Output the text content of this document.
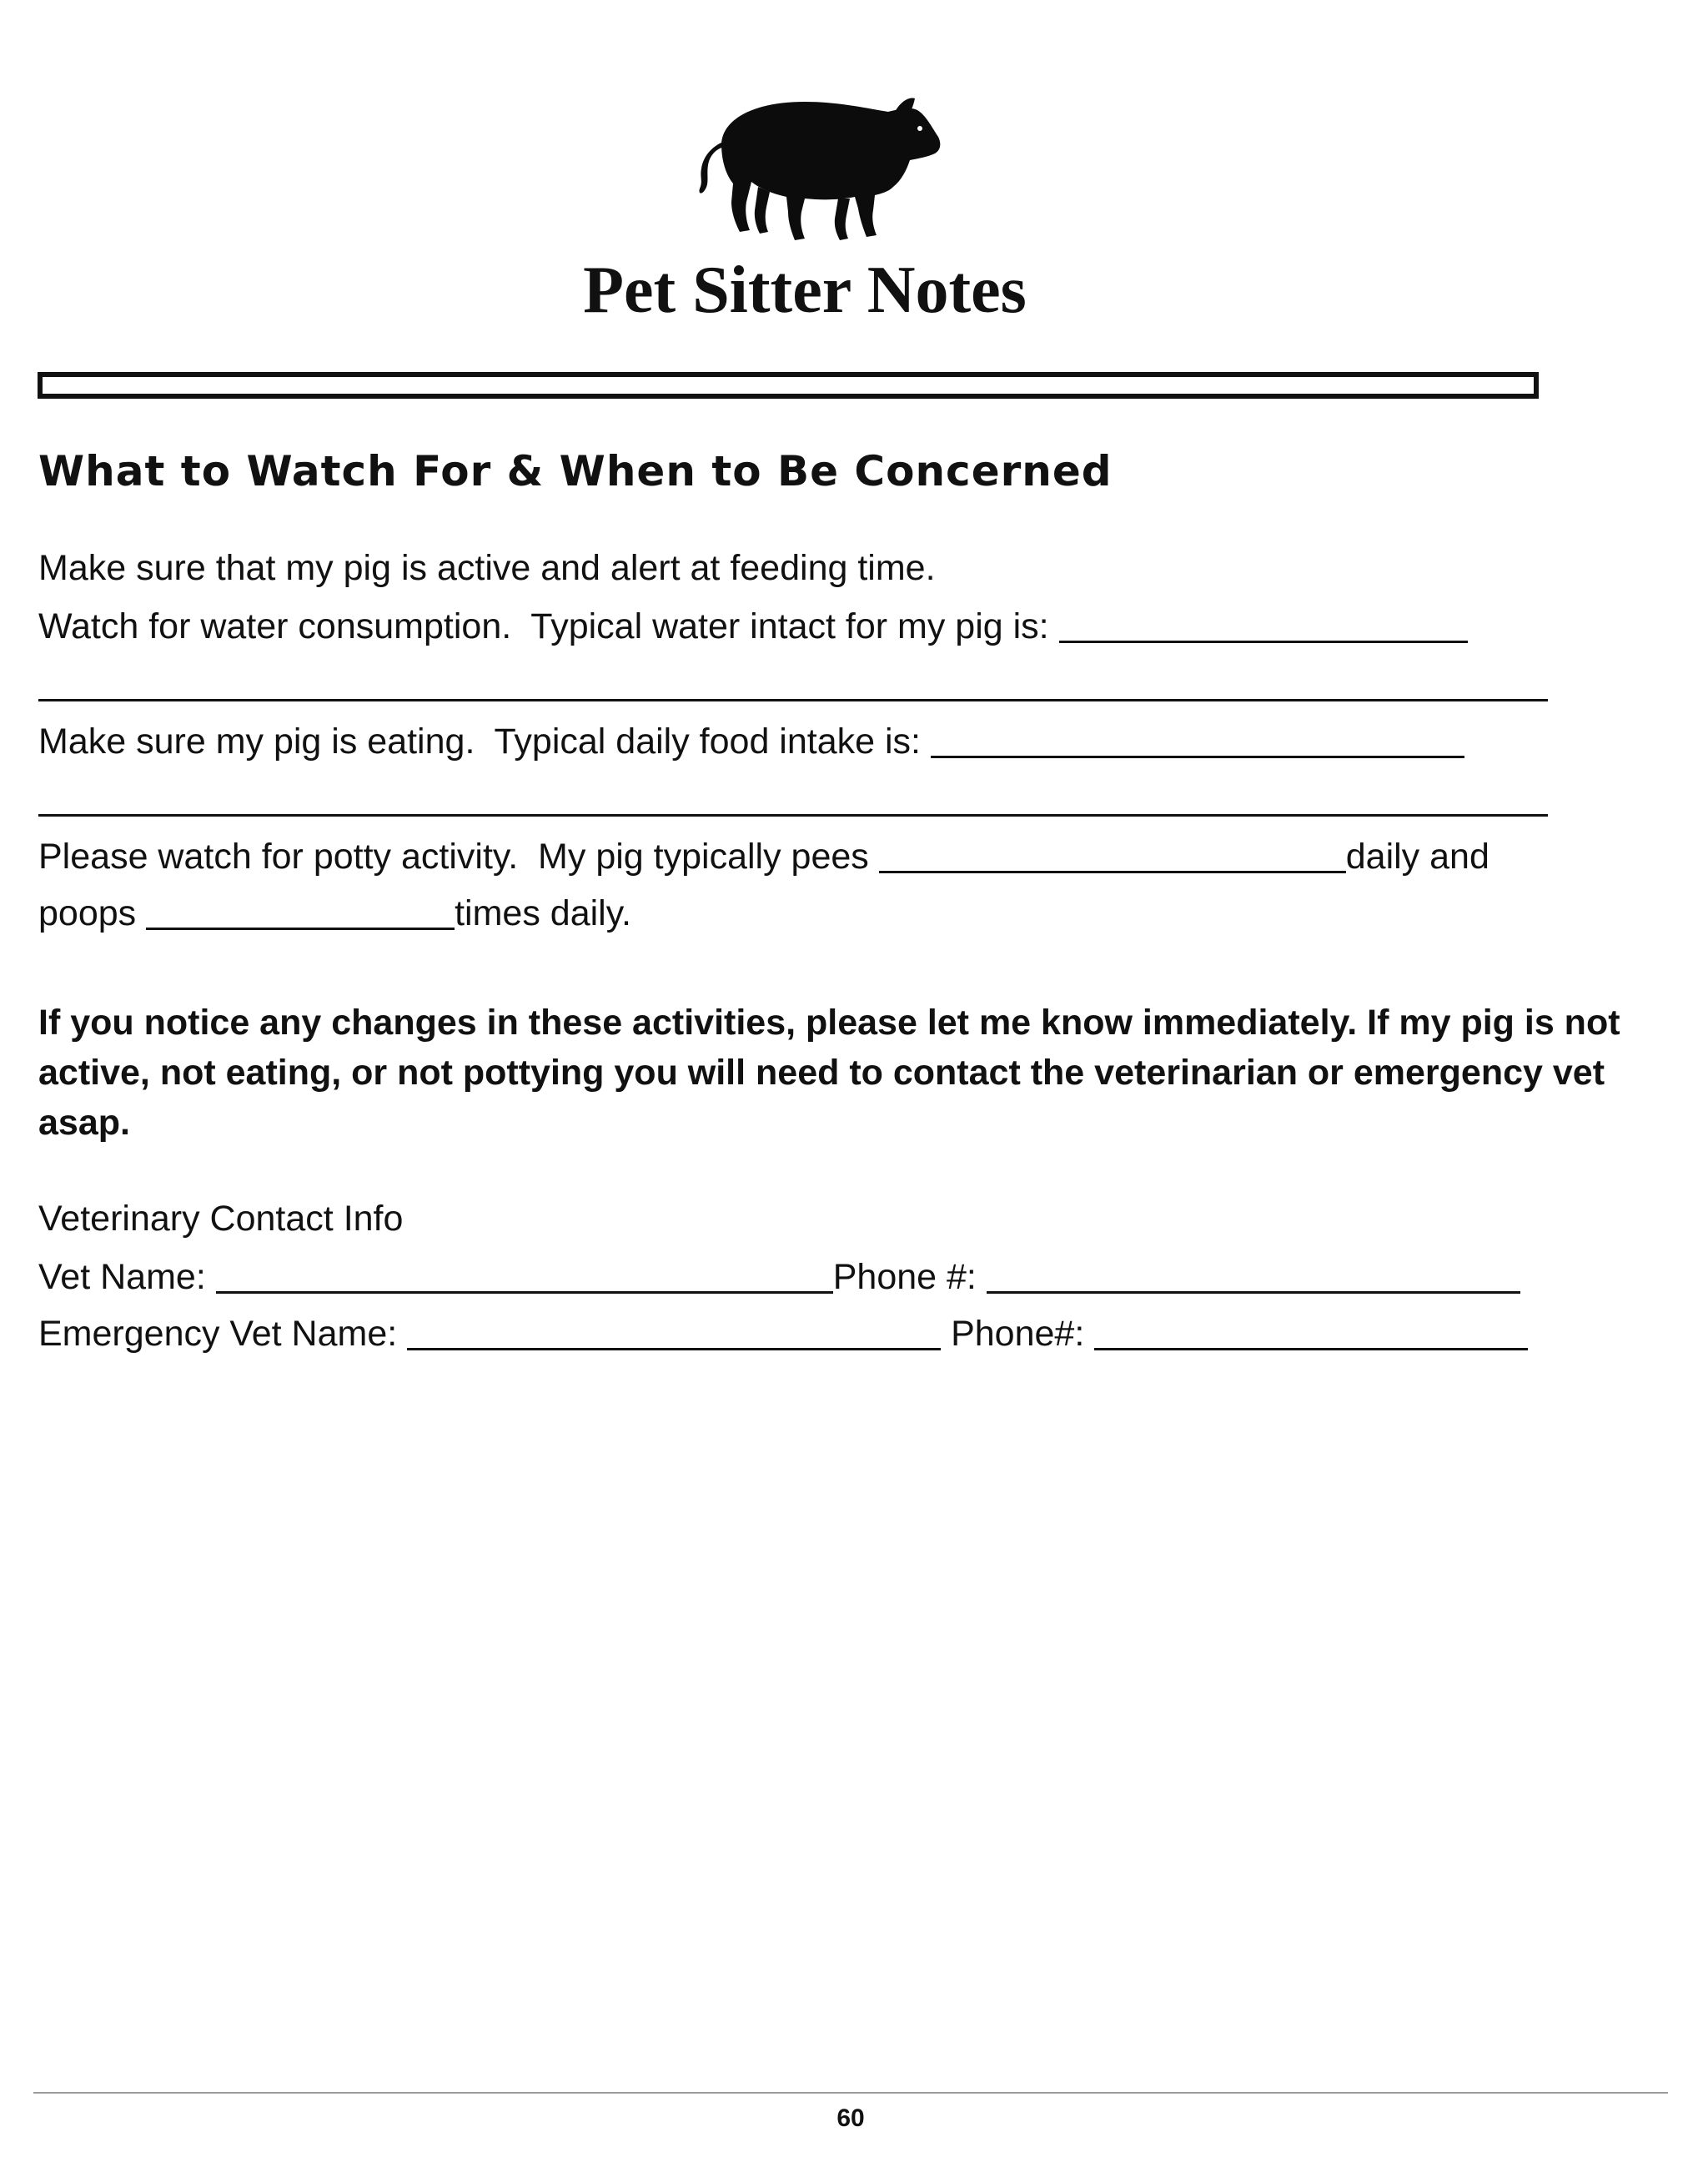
Pet Sitter Notes
What to Watch For & When to Be Concerned
Make sure that my pig is active and alert at feeding time.
Watch for water consumption.  Typical water intact for my pig is:
Make sure my pig is eating.  Typical daily food intake is:
Please watch for potty activity.  My pig typically pees	daily and
poops	times daily.
If you notice any changes in these activities, please let me know immediately. If my pig is not active, not eating, or not pottying you will need to contact the veterinarian or emergency vet asap.
Veterinary Contact Info
Vet Name:	Phone #:
Emergency Vet Name:	Phone#:
60
